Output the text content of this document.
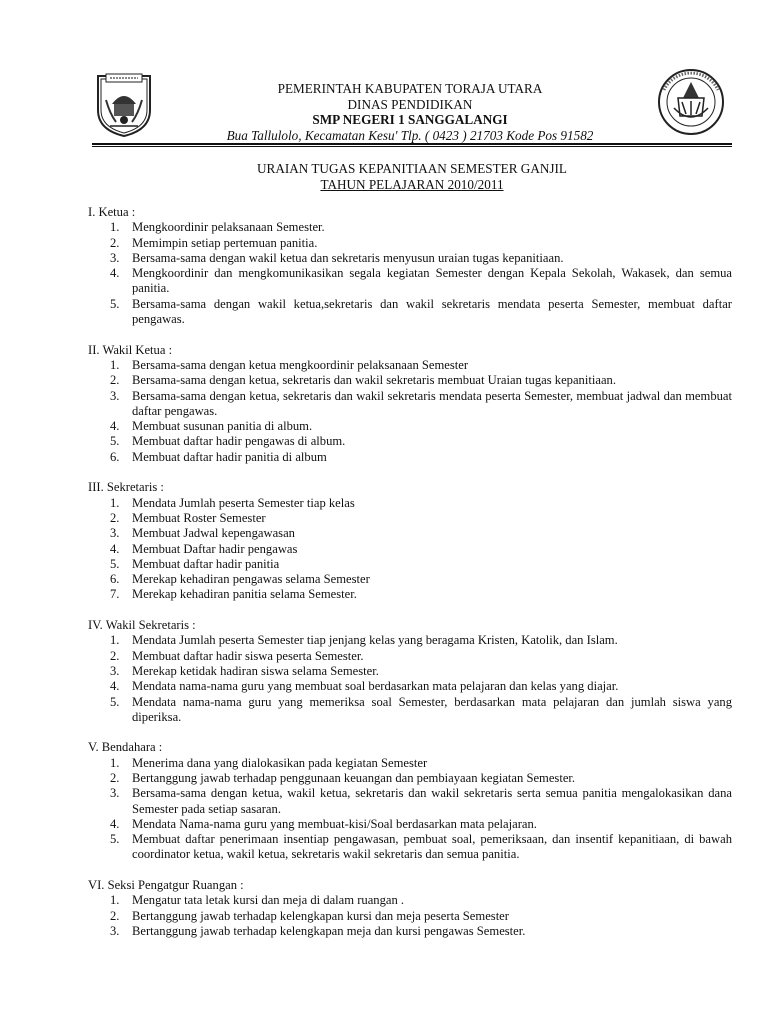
PEMERINTAH KABUPATEN TORAJA UTARA
DINAS PENDIDIKAN
SMP NEGERI 1 SANGGALANGI
Bua Tallulolo, Kecamatan Kesu' Tlp. ( 0423 ) 21703 Kode Pos 91582
URAIAN TUGAS KEPANITIAAN SEMESTER GANJIL
TAHUN PELAJARAN 2010/2011
I. Ketua :
1. Mengkoordinir pelaksanaan Semester.
2. Memimpin setiap pertemuan panitia.
3. Bersama-sama dengan wakil ketua dan sekretaris menyusun uraian tugas kepanitiaan.
4. Mengkoordinir dan mengkomunikasikan segala kegiatan Semester dengan Kepala Sekolah, Wakasek, dan semua panitia.
5. Bersama-sama dengan wakil ketua,sekretaris dan wakil sekretaris mendata peserta Semester, membuat daftar pengawas.
II. Wakil Ketua :
1. Bersama-sama dengan ketua mengkoordinir pelaksanaan Semester
2. Bersama-sama dengan ketua, sekretaris dan wakil sekretaris membuat Uraian tugas kepanitiaan.
3. Bersama-sama dengan ketua, sekretaris dan wakil sekretaris mendata peserta Semester, membuat jadwal dan membuat daftar pengawas.
4. Membuat susunan panitia di album.
5. Membuat daftar hadir pengawas di album.
6. Membuat daftar hadir panitia di album
III. Sekretaris :
1. Mendata Jumlah peserta Semester tiap kelas
2. Membuat Roster Semester
3. Membuat Jadwal kepengawasan
4. Membuat Daftar hadir pengawas
5. Membuat daftar hadir panitia
6. Merekap kehadiran pengawas selama Semester
7. Merekap kehadiran panitia selama Semester.
IV. Wakil Sekretaris :
1. Mendata Jumlah peserta Semester tiap jenjang kelas yang beragama Kristen, Katolik, dan Islam.
2. Membuat daftar hadir siswa peserta Semester.
3. Merekap ketidak hadiran siswa selama Semester.
4. Mendata nama-nama guru yang membuat soal berdasarkan mata pelajaran dan kelas yang diajar.
5. Mendata nama-nama guru yang memeriksa soal Semester, berdasarkan mata pelajaran dan jumlah siswa yang diperiksa.
V. Bendahara :
1. Menerima dana yang dialokasikan pada kegiatan Semester
2. Bertanggung jawab terhadap penggunaan keuangan dan pembiayaan kegiatan Semester.
3. Bersama-sama dengan ketua, wakil ketua, sekretaris dan wakil sekretaris serta semua panitia mengalokasikan dana Semester pada setiap sasaran.
4. Mendata Nama-nama guru yang membuat-kisi/Soal berdasarkan mata pelajaran.
5. Membuat daftar penerimaan insentiap pengawasan, pembuat soal, pemeriksaan, dan insentif kepanitiaan, di bawah coordinator ketua, wakil ketua, sekretaris wakil sekretaris dan semua panitia.
VI. Seksi Pengatgur Ruangan :
1. Mengatur tata letak kursi dan meja di dalam ruangan .
2. Bertanggung jawab terhadap kelengkapan kursi dan meja peserta Semester
3. Bertanggung jawab terhadap kelengkapan meja dan kursi pengawas Semester.
